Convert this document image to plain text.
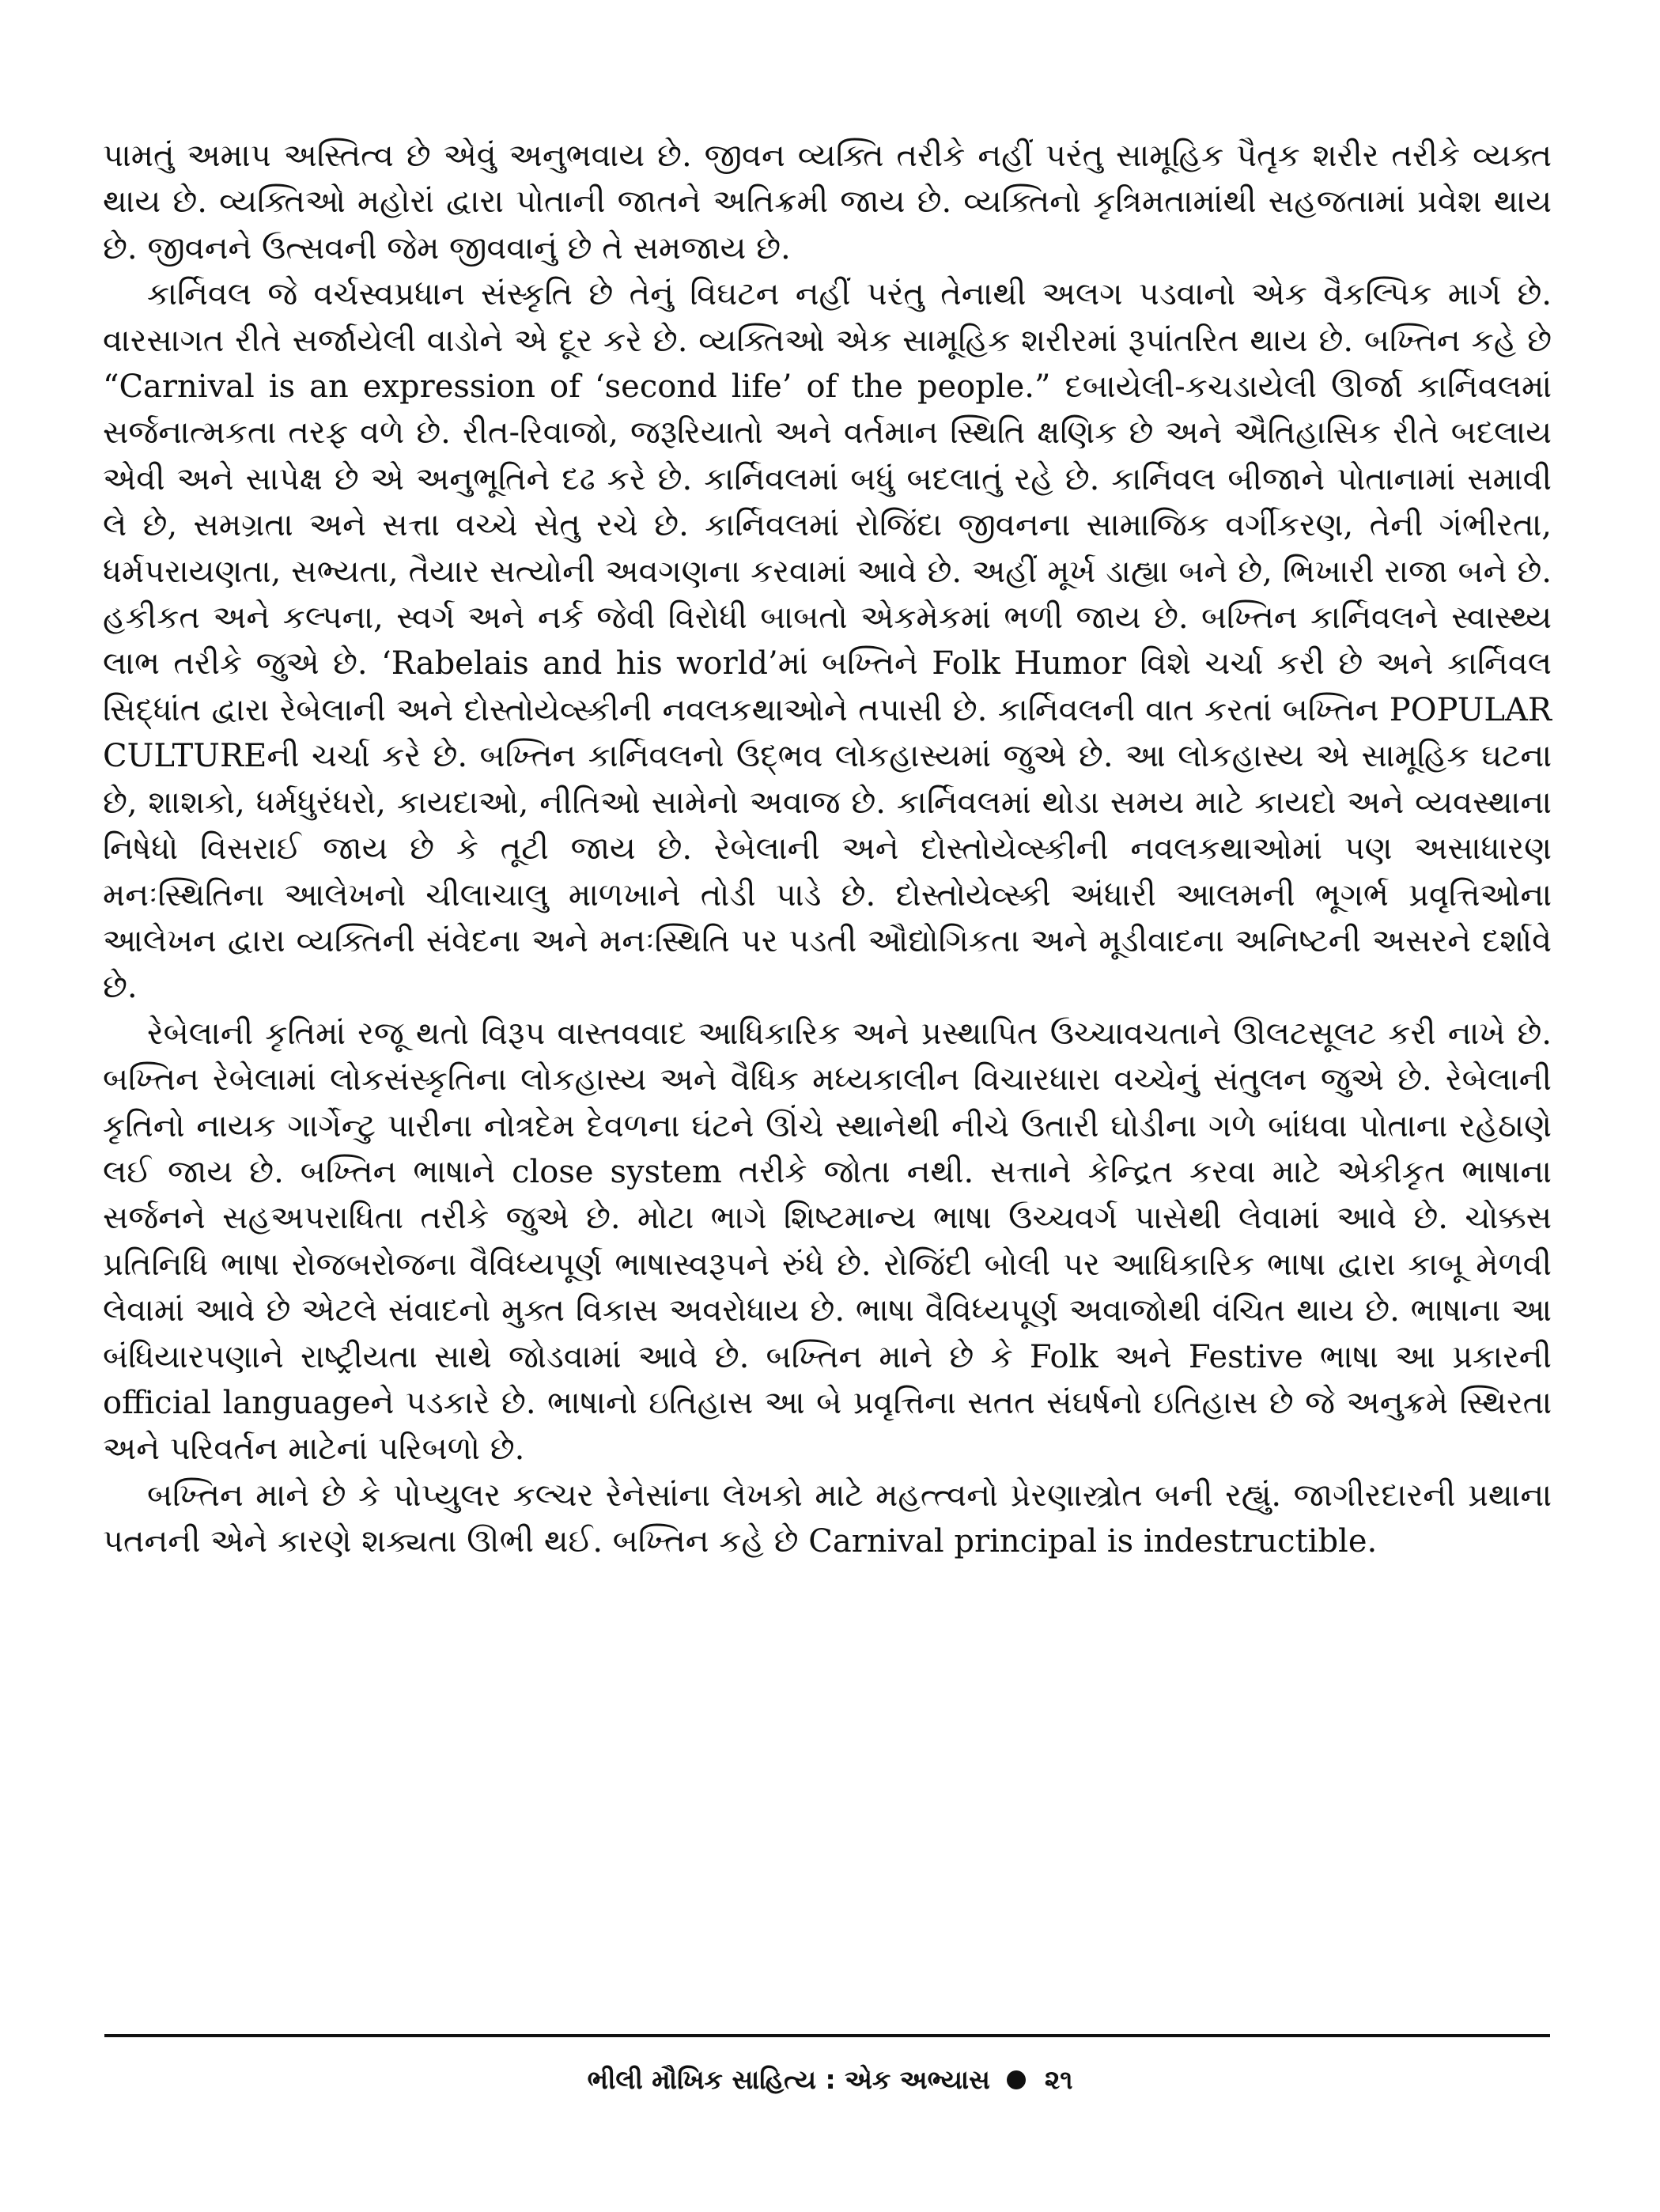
પામતું અમાપ અસ્તિત્વ છે એવું અનુભવાય છે. જીવન વ્યક્તિ તરીકે નહીં પરંતુ સામૂહિક પૈતૃક શરીર તરીકે વ્યક્ત થાય છે. વ્યક્તિઓ મહોરાં દ્વારા પોતાની જાતને અતિક્રમી જાય છે. વ્યક્તિનો કૃત્રિમતામાંથી સહજતામાં પ્રવેશ થાય છે. જીવનને ઉત્સવની જેમ જીવવાનું છે તે સમજાય છે.

કાર્નિવલ જે વર્ચસ્વપ્રધાન સંસ્કૃતિ છે તેનું વિઘટન નહીં પરંતુ તેનાથી અલગ પડવાનો એક વૈકલ્પિક માર્ગ છે. વારસાગત રીતે સર્જાયેલી વાડોને એ દૂર કરે છે. વ્યક્તિઓ એક સામૂહિક શરીરમાં રૂપાંતરિત થાય છે. બખ્તિન કહે છે “Carnival is an expression of ‘second life’ of the people.” દબાયેલી-કચડાયેલી ઊર્જા કાર્નિવલમાં સર્જનાત્મકતા તરફ વળે છે. રીત-રિવાજો, જરૂરિયાતો અને વર્તમાન સ્થિતિ ક્ષણિક છે અને ઐતિહાસિક રીતે બદલાય એવી અને સાપેક્ષ છે એ અનુભૂતિને દઢ કરે છે. કાર્નિવલમાં બધું બદલાતું રહે છે. કાર્નિવલ બીજાને પોતાનામાં સમાવી લે છે, સમગ્રતા અને સત્તા વચ્ચે સેતુ રચે છે. કાર્નિવલમાં રોજિંદા જીવનના સામાજિક વર્ગીકરણ, તેની ગંભીરતા, ધર્મપરાયણતા, સભ્યતા, તૈયાર સત્યોની અવગણના કરવામાં આવે છે. અહીં મૂર્ખ ડાહ્યા બને છે, ભિખારી રાજા બને છે. હકીકત અને કલ્પના, સ્વર્ગ અને નર્ક જેવી વિરોધી બાબતો એકમેકમાં ભળી જાય છે. બખ્તિન કાર્નિવલને સ્વાસ્થ્ય લાભ તરીકે જુએ છે. ‘Rabelais and his world’માં બખ્તિને Folk Humor વિશે ચર્ચા કરી છે અને કાર્નિવલ સિદ્ધાંત દ્વારા રેબેલાની અને દોસ્તોયેવ્સ્કીની નવલકથાઓને તપાસી છે. કાર્નિવલની વાત કરતાં બખ્તિન POPULAR CULTUREની ચર્ચા કરે છે. બખ્તિન કાર્નિવલનો ઉદ્ભવ લોકહાસ્યમાં જુએ છે. આ લોકહાસ્ય એ સામૂહિક ઘટના છે, શાશકો, ધર્મધુરંધરો, કાયદાઓ, નીતિઓ સામેનો અવાજ છે. કાર્નિવલમાં થોડા સમય માટે કાયદો અને વ્યવસ્થાના નિષેધો વિસરાઈ જાય છે કે તૂટી જાય છે. રેબેલાની અને દોસ્તોયેવ્સ્કીની નવલકથાઓમાં પણ અસાધારણ મનઃસ્થિતિના આલેખનો ચીલાચાલુ માળખાને તોડી પાડે છે. દોસ્તોયેવ્સ્કી અંધારી આલમની ભૂગર્ભ પ્રવૃત્તિઓના આલેખન દ્વારા વ્યક્તિની સંવેદના અને મનઃસ્થિતિ પર પડતી ઔદ્યોગિકતા અને મૂડીવાદના અનિષ્ટની અસરને દર્શાવે છે.

રેબેલાની કૃતિમાં રજૂ થતો વિરૂપ વાસ્તવવાદ આધિકારિક અને પ્રસ્થાપિત ઉચ્ચાવચતાને ઊલટસૂલટ કરી નાખે છે. બખ્તિન રેબેલામાં લોકસંસ્કૃતિના લોકહાસ્ય અને વૈધિક મધ્યકાલીન વિચારધારા વચ્ચેનું સંતુલન જુએ છે. રેબેલાની કૃતિનો નાયક ગાર્ગેન્ટુ પારીના નોત્રદેમ દેવળના ઘંટને ઊંચે સ્થાનેથી નીચે ઉતારી ઘોડીના ગળે બાંધવા પોતાના રહેઠાણે લઈ જાય છે. બખ્તિન ભાષાને close system તરીકે જોતા નથી. સત્તાને કેન્દ્રિત કરવા માટે એકીકૃત ભાષાના સર્જનને સહઅપરાધિતા તરીકે જુએ છે. મોટા ભાગે શિષ્ટમાન્ય ભાષા ઉચ્ચવર્ગ પાસેથી લેવામાં આવે છે. ચોક્કસ પ્રતિનિધિ ભાષા રોજબરોજના વૈવિધ્યપૂર્ણ ભાષાસ્વરૂપને રુંધે છે. રોજિંદી બોલી પર આધિકારિક ભાષા દ્વારા કાબૂ મેળવી લેવામાં આવે છે એટલે સંવાદનો મુક્ત વિકાસ અવરોધાય છે. ભાષા વૈવિધ્યપૂર્ણ અવાજોથી વંચિત થાય છે. ભાષાના આ બંધિયારપણાને રાષ્ટ્રીયતા સાથે જોડવામાં આવે છે. બખ્તિન માને છે કે Folk અને Festive ભાષા આ પ્રકારની official languageને પડકારે છે. ભાષાનો ઇતિહાસ આ બે પ્રવૃત્તિના સતત સંઘર્ષનો ઇતિહાસ છે જે અનુક્રમે સ્થિરતા અને પરિવર્તન માટેનાં પરિબળો છે.

બખ્તિન માને છે કે પોપ્યુલર કલ્ચર રેનેસાંના લેખકો માટે મહત્ત્વનો પ્રેરણાસ્ત્રોત બની રહ્યું. જાગીરદારની પ્રથાના પતનની એને કારણે શક્યતા ઊભી થઈ. બખ્તિન કહે છે Carnival principal is indestructible.

ભીલી મૌખિક સાહિત્ય : એક અભ્યાસ ૨૧
